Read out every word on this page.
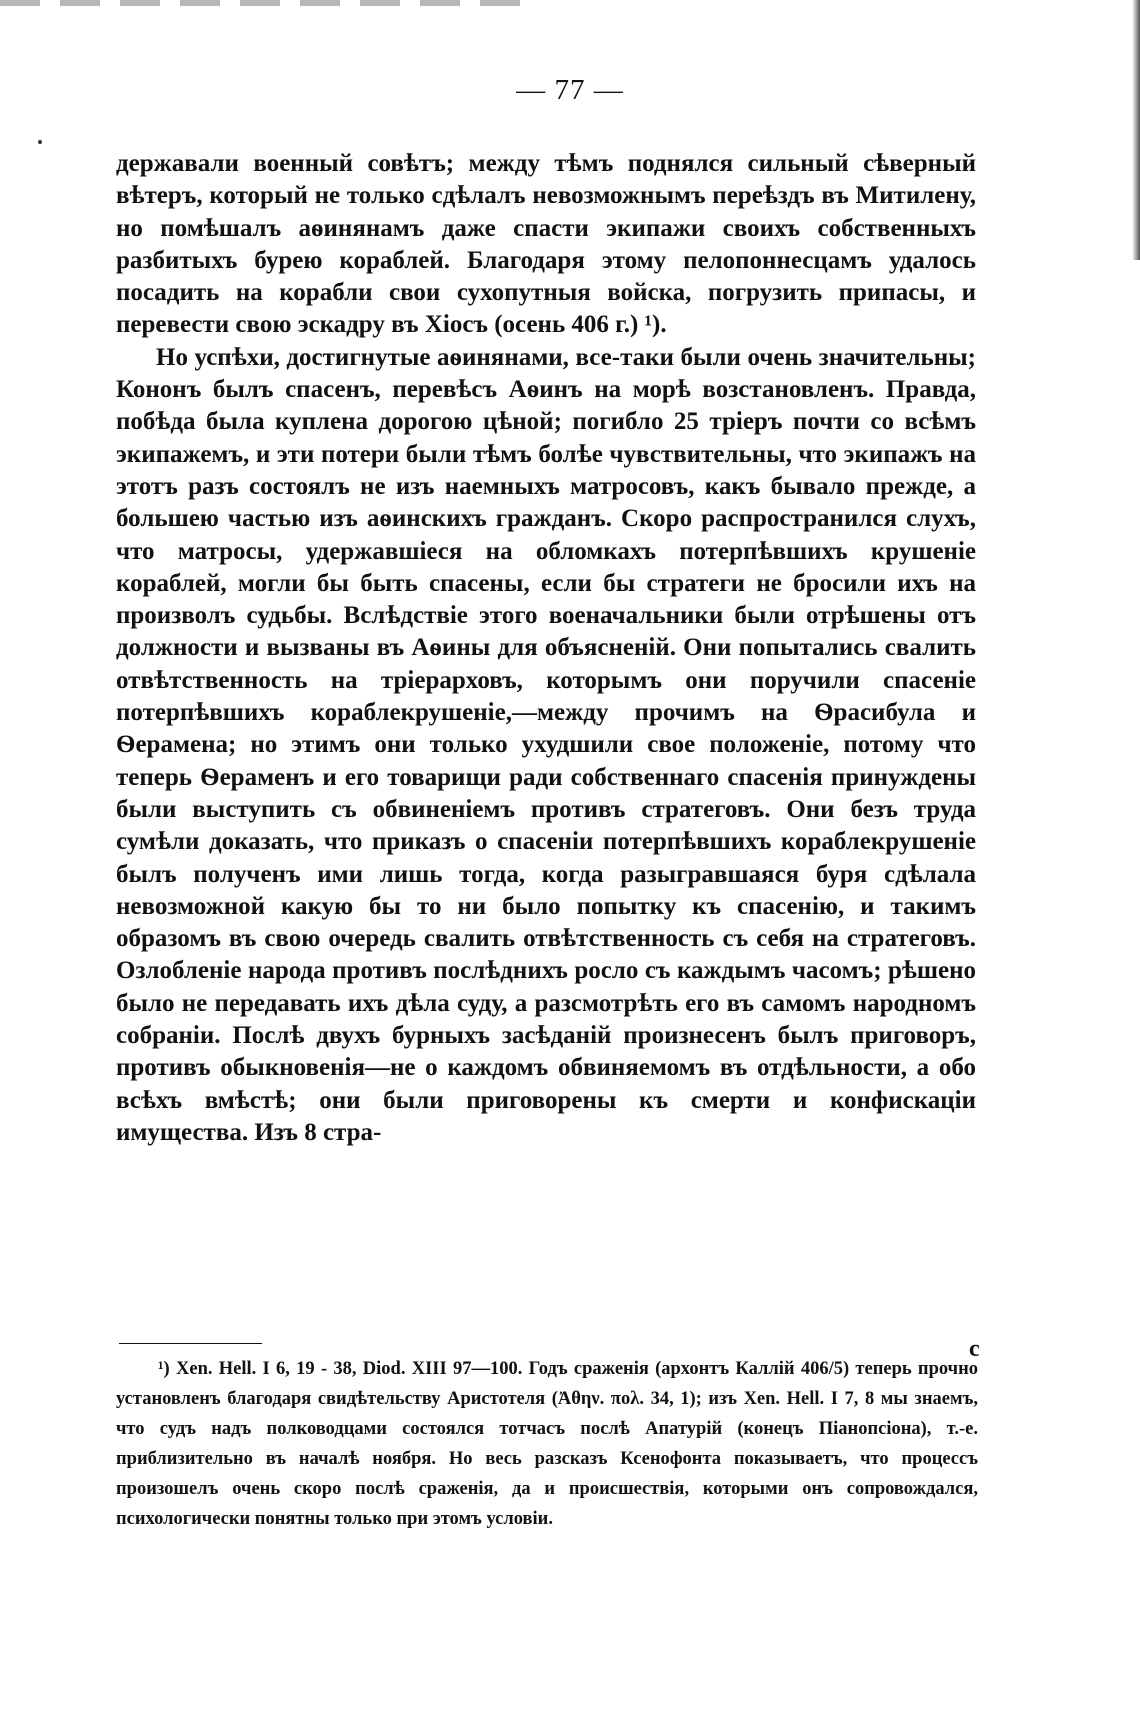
— 77 —

державали военный совѣтъ; между тѣмъ поднялся сильный сѣверный вѣтеръ, который не только сдѣлалъ невозможнымъ переѣздъ въ Митилену, но помѣшалъ аѳинянамъ даже спасти экипажи своихъ собственныхъ разбитыхъ бурею кораблей. Благодаря этому пелопоннесцамъ удалось посадить на корабли свои сухопутныя войска, погрузить припасы, и перевести свою эскадру въ Хіосъ (осень 406 г.) ¹).

Но успѣхи, достигнутые аѳинянами, все-таки были очень значительны; Кононъ былъ спасенъ, перевѣсъ Аѳинъ на морѣ возстановленъ. Правда, побѣда была куплена дорогою цѣной; погибло 25 тріеръ почти со всѣмъ экипажемъ, и эти потери были тѣмъ болѣе чувствительны, что экипажъ на этотъ разъ состоялъ не изъ наемныхъ матросовъ, какъ бывало прежде, а большею частью изъ аѳинскихъ гражданъ. Скоро распространился слухъ, что матросы, удержавшіеся на обломкахъ потерпѣвшихъ крушеніе кораблей, могли бы быть спасены, если бы стратеги не бросили ихъ на произволъ судьбы. Вслѣдствіе этого военачальники были отрѣшены отъ должности и вызваны въ Аѳины для объясненій. Они попытались свалить отвѣтственность на тріерарховъ, которымъ они поручили спасеніе потерпѣвшихъ кораблекрушеніе,—между прочимъ на Ѳрасибула и Ѳерамена; но этимъ они только ухудшили свое положеніе, потому что теперь Ѳераменъ и его товарищи ради собственнаго спасенія принуждены были выступить съ обвиненіемъ противъ стратеговъ. Они безъ труда сумѣли доказать, что приказъ о спасеніи потерпѣвшихъ кораблекрушеніе былъ полученъ ими лишь тогда, когда разыгравшаяся буря сдѣлала невозможной какую бы то ни было попытку къ спасенію, и такимъ образомъ въ свою очередь свалить отвѣтственность съ себя на стратеговъ. Озлобленіе народа противъ послѣднихъ росло съ каждымъ часомъ; рѣшено было не передавать ихъ дѣла суду, а разсмотрѣть его въ самомъ народномъ собраніи. Послѣ двухъ бурныхъ засѣданій произнесенъ былъ приговоръ, противъ обыкновенія—не о каждомъ обвиняемомъ въ отдѣльности, а обо всѣхъ вмѣстѣ; они были приговорены къ смерти и конфискаціи имущества. Изъ 8 стра-

c

¹) Xen. Hell. I 6, 19 - 38, Diod. XIII 97—100. Годъ сраженія (архонтъ Каллій 406/5) теперь прочно установленъ благодаря свидѣтельству Аристотеля (Ἀθην. πολ. 34, 1); изъ Xen. Hell. I 7, 8 мы знаемъ, что судъ надъ полководцами состоялся тотчасъ послѣ Апатурій (конецъ Піанопсіона), т.-е. приблизительно въ началѣ ноября. Но весь разсказъ Ксенофонта показываетъ, что процессъ произошелъ очень скоро послѣ сраженія, да и происшествія, которыми онъ сопровождался, психологически понятны только при этомъ условіи.
